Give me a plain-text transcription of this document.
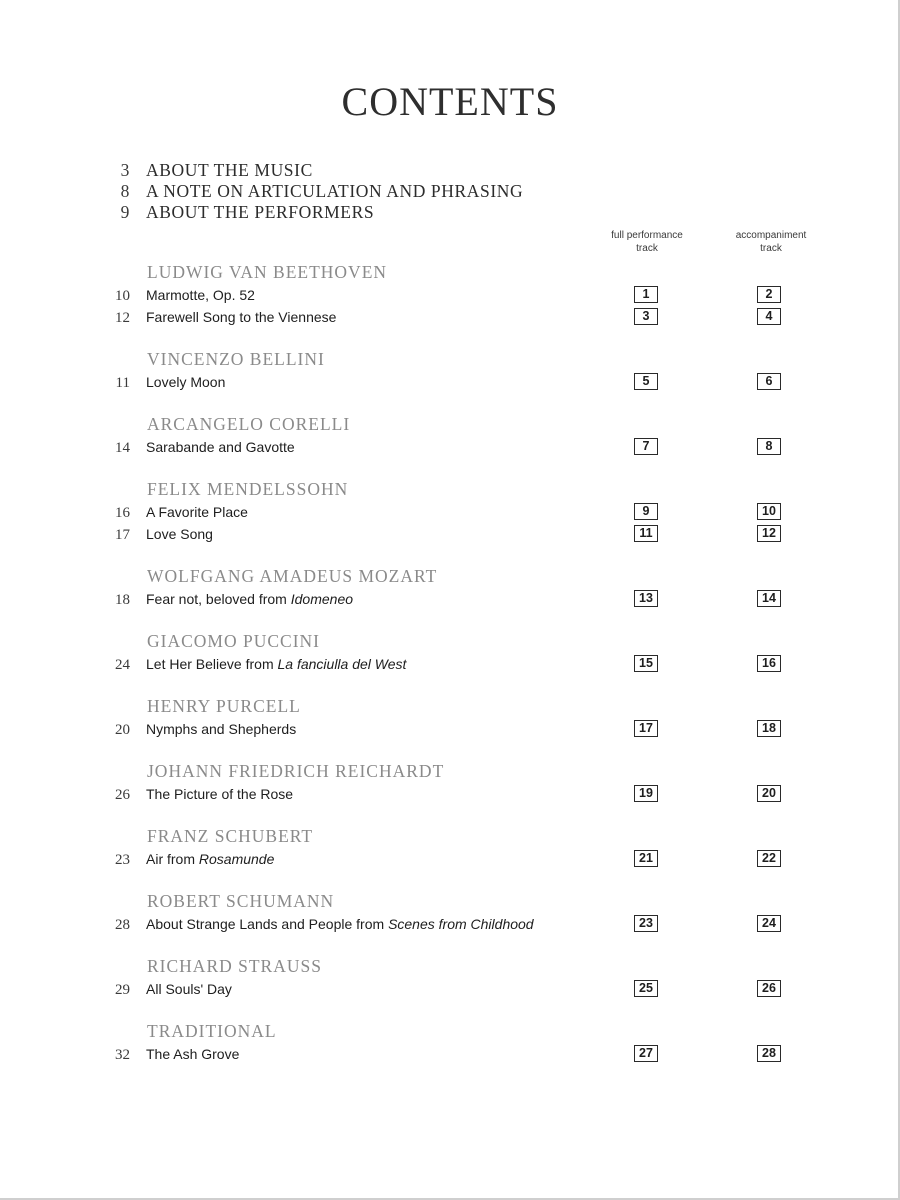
CONTENTS
3 ABOUT THE MUSIC
8 A NOTE ON ARTICULATION AND PHRASING
9 ABOUT THE PERFORMERS
full performance
track
accompaniment
track
LUDWIG VAN BEETHOVEN
10 Marmotte, Op. 52	1	2
12 Farewell Song to the Viennese	3	4
VINCENZO BELLINI
11 Lovely Moon	5	6
ARCANGELO CORELLI
14 Sarabande and Gavotte	7	8
FELIX MENDELSSOHN
16 A Favorite Place	9	10
17 Love Song	11	12
WOLFGANG AMADEUS MOZART
18 Fear not, beloved from Idomeneo	13	14
GIACOMO PUCCINI
24 Let Her Believe from La fanciulla del West	15	16
HENRY PURCELL
20 Nymphs and Shepherds	17	18
JOHANN FRIEDRICH REICHARDT
26 The Picture of the Rose	19	20
FRANZ SCHUBERT
23 Air from Rosamunde	21	22
ROBERT SCHUMANN
28 About Strange Lands and People from Scenes from Childhood	23	24
RICHARD STRAUSS
29 All Souls' Day	25	26
TRADITIONAL
32 The Ash Grove	27	28
